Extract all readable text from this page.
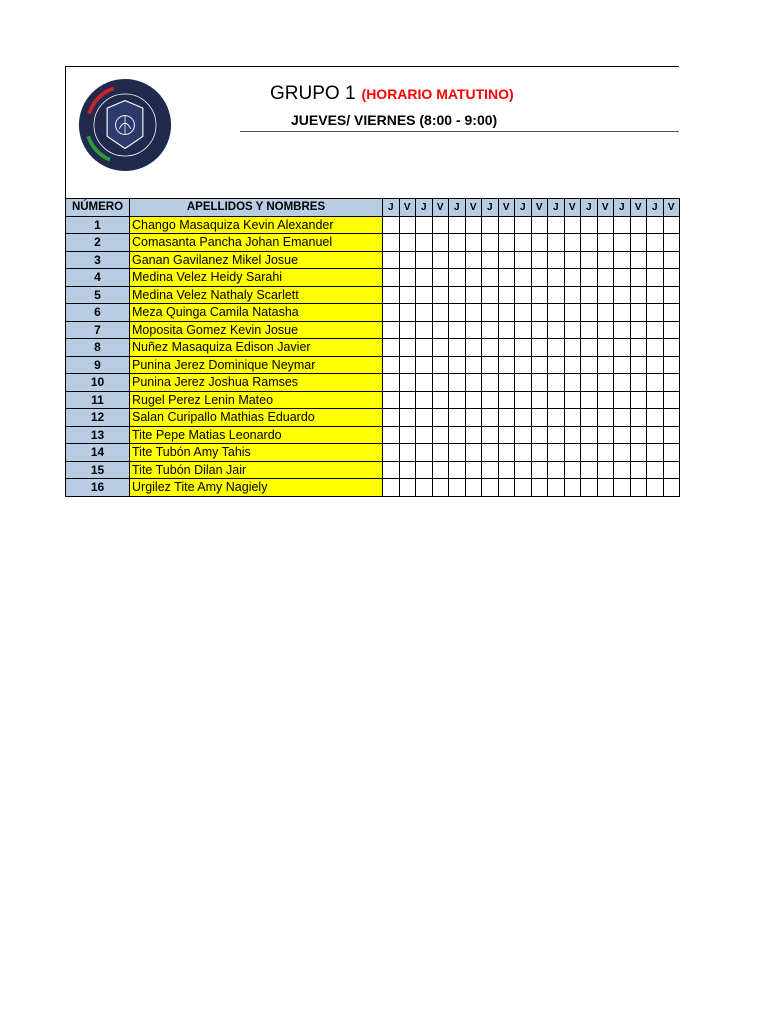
GRUPO 1 (HORARIO MATUTINO)
JUEVES/ VIERNES (8:00 - 9:00)
NÚMERO	APELLIDOS Y NOMBRES	J	V	J	V	J	V	J	V	J	V	J	V	J	V	J	V	J	V
1	Chango Masaquiza Kevin Alexander																		
2	Comasanta Pancha Johan Emanuel																		
3	Ganan Gavilanez Mikel Josue																		
4	Medina Velez Heidy Sarahi																		
5	Medina Velez Nathaly Scarlett																		
6	Meza Quinga Camila Natasha																		
7	Moposita Gomez Kevin Josue																		
8	Nuñez Masaquiza Edison Javier																		
9	Punina Jerez Dominique Neymar																		
10	Punina Jerez Joshua Ramses																		
11	Rugel Perez Lenin Mateo																		
12	Salan Curipallo Mathias Eduardo																		
13	Tite Pepe Matias Leonardo																		
14	Tite Tubón Amy Tahis																		
15	Tite Tubón Dilan Jair																		
16	Urgilez Tite Amy Nagiely																		
